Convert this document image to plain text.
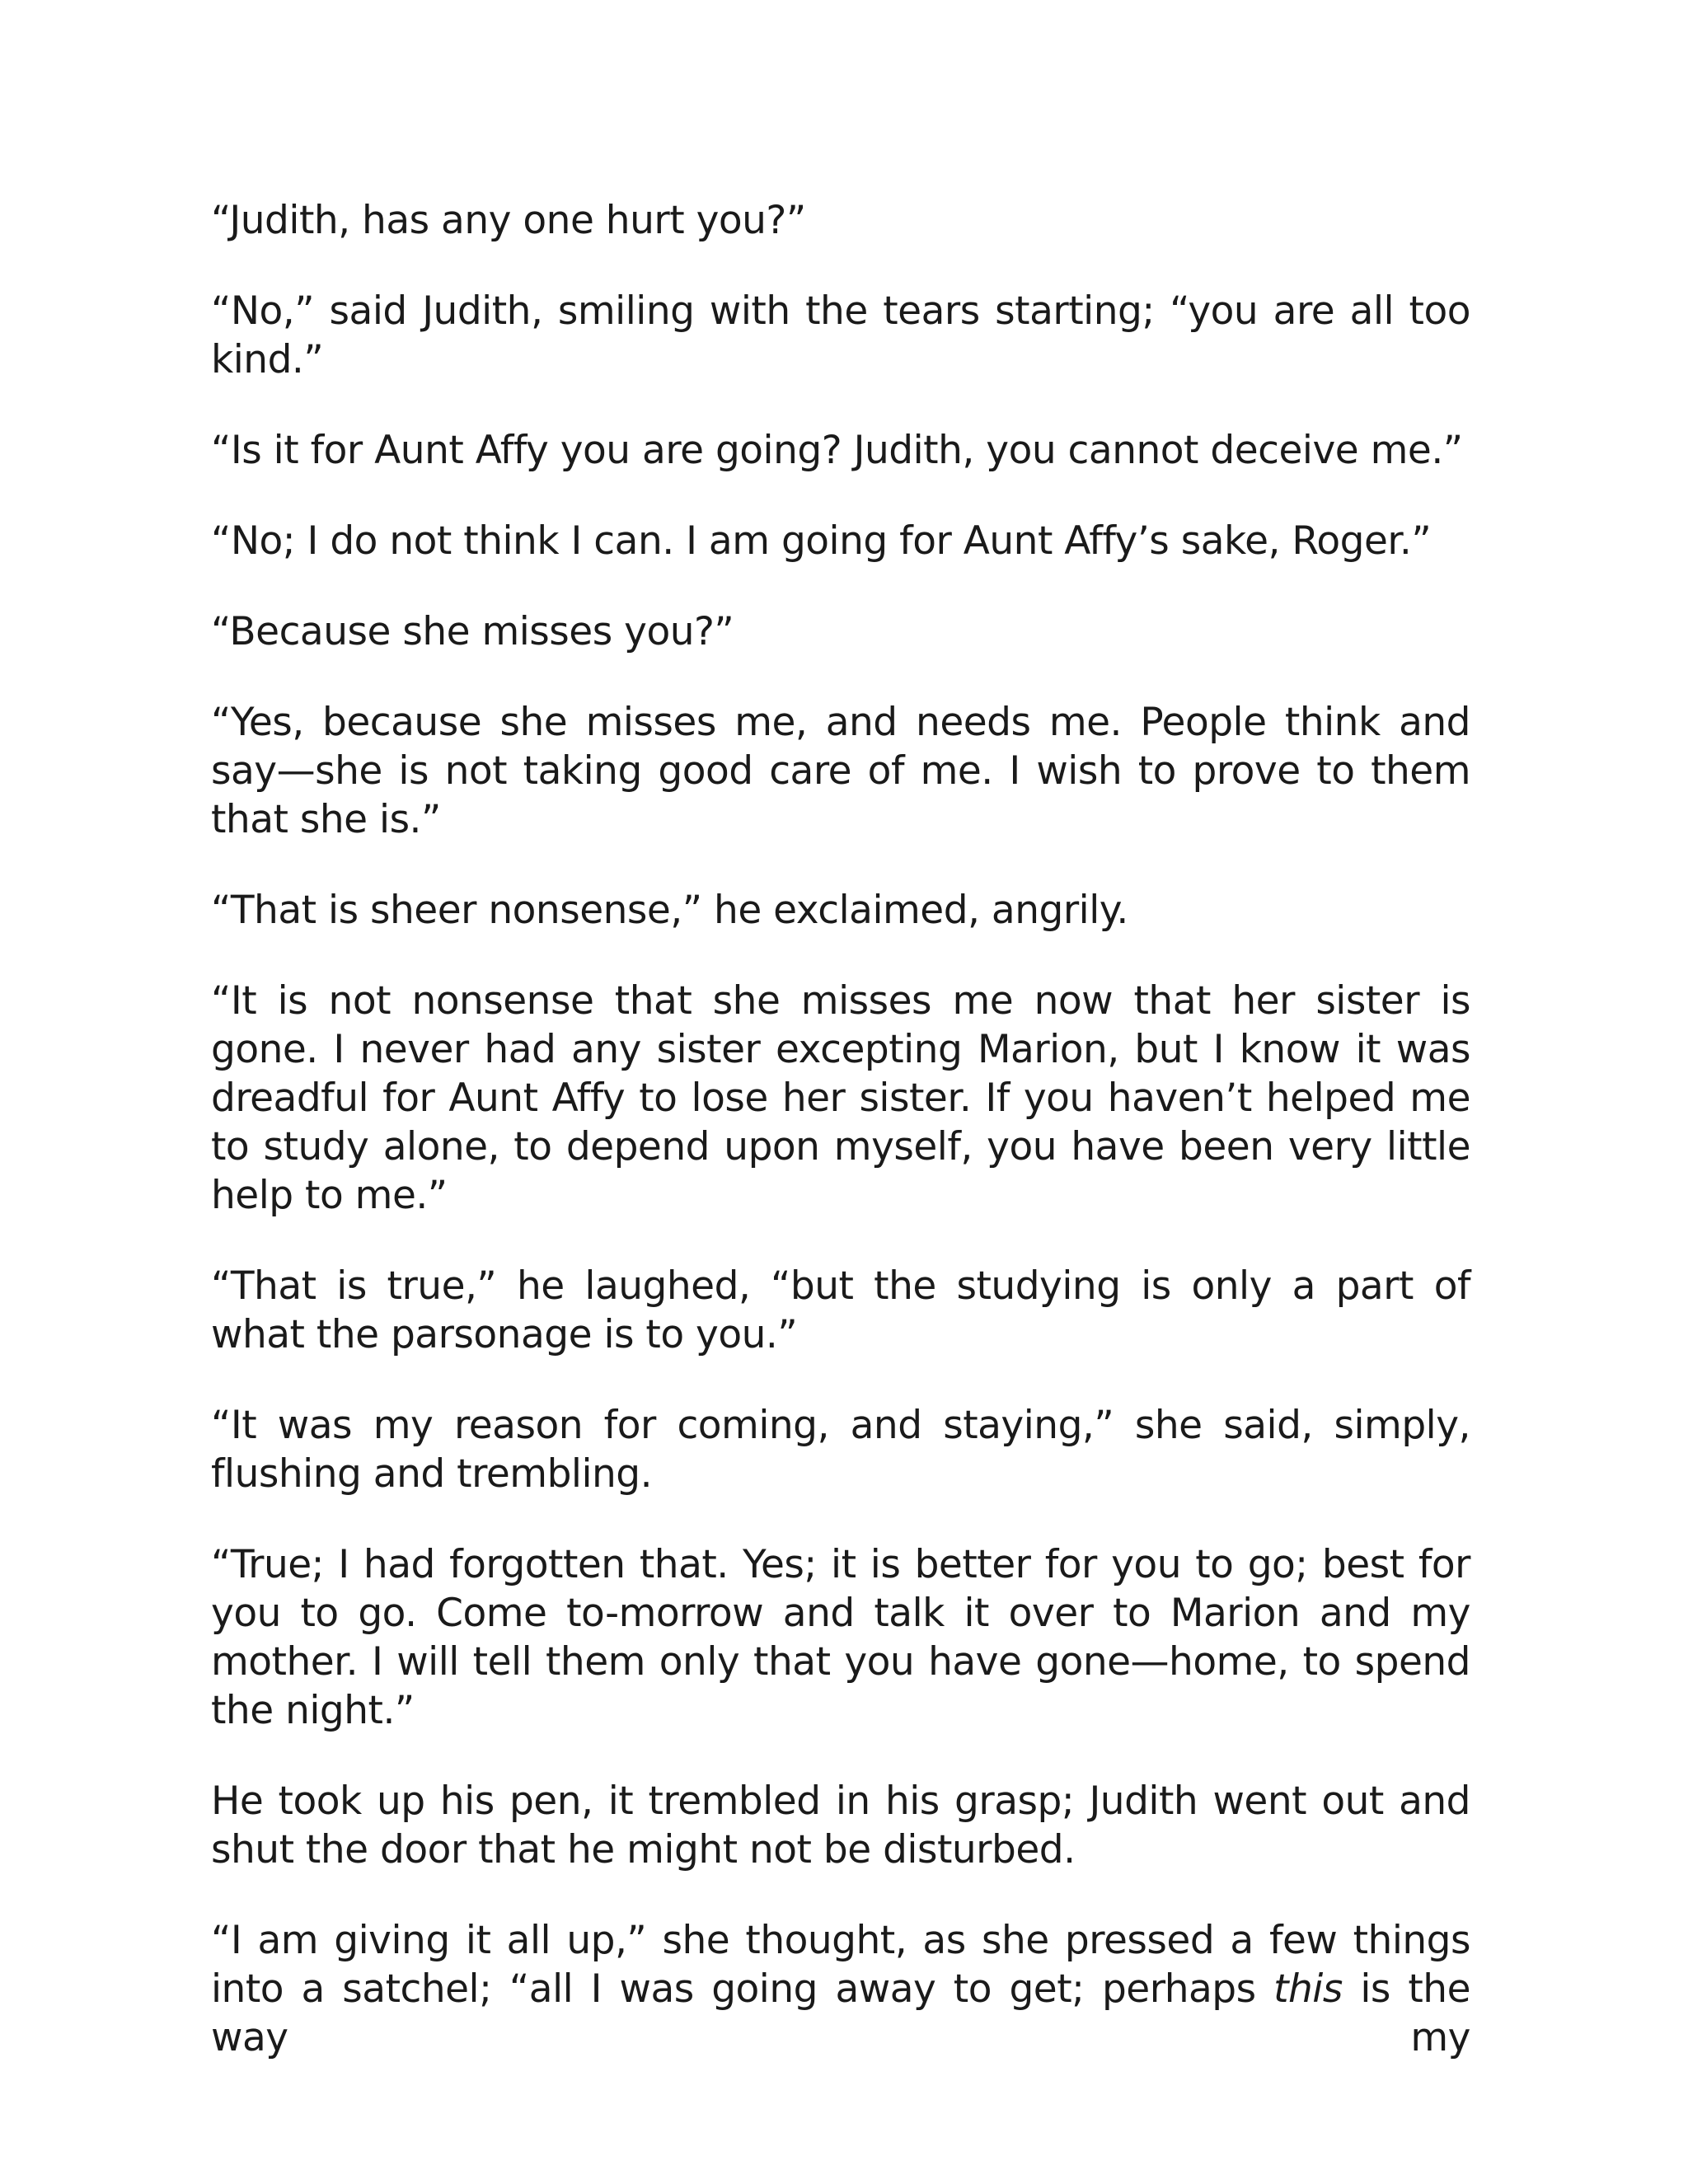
“Judith, has any one hurt you?”

“No,” said Judith, smiling with the tears starting; “you are all too kind.”

“Is it for Aunt Affy you are going? Judith, you cannot deceive me.”

“No; I do not think I can. I am going for Aunt Affy’s sake, Roger.”

“Because she misses you?”

“Yes, because she misses me, and needs me. People think and say—she is not taking good care of me. I wish to prove to them that she is.”

“That is sheer nonsense,” he exclaimed, angrily.

“It is not nonsense that she misses me now that her sister is gone. I never had any sister excepting Marion, but I know it was dreadful for Aunt Affy to lose her sister. If you haven’t helped me to study alone, to depend upon myself, you have been very little help to me.”

“That is true,” he laughed, “but the studying is only a part of what the parsonage is to you.”

“It was my reason for coming, and staying,” she said, simply, flushing and trembling.

“True; I had forgotten that. Yes; it is better for you to go; best for you to go. Come to-morrow and talk it over to Marion and my mother. I will tell them only that you have gone—home, to spend the night.”

He took up his pen, it trembled in his grasp; Judith went out and shut the door that he might not be disturbed.

“I am giving it all up,” she thought, as she pressed a few things into a satchel; “all I was going away to get; perhaps this is the way my
